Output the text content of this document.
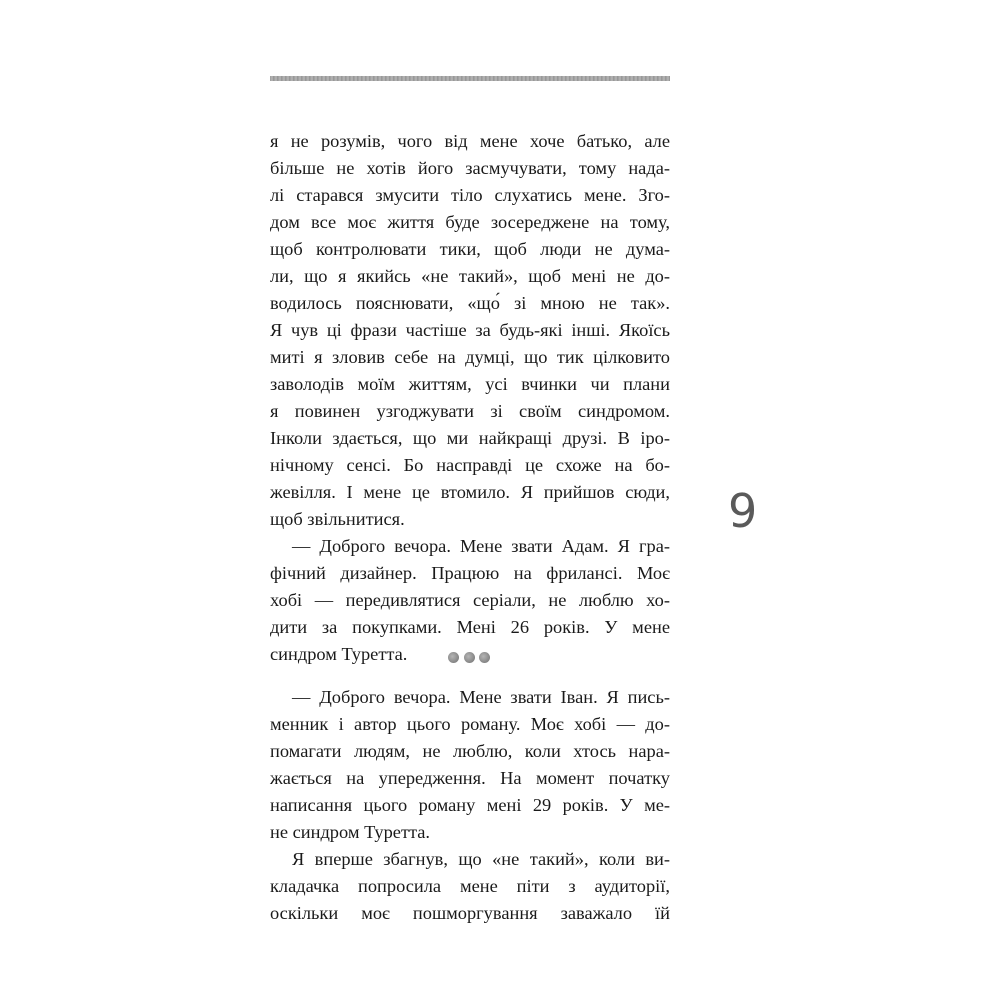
я не розумів, чого від мене хоче батько, але
більше не хотів його засмучувати, тому нада-
лі старався змусити тіло слухатись мене. Зго-
дом все моє життя буде зосереджене на тому,
щоб контролювати тики, щоб люди не дума-
ли, що я якийсь «не такий», щоб мені не до-
водилось пояснювати, «що́ зі мною не так».
Я чув ці фрази частіше за будь-які інші. Якоїсь
миті я зловив себе на думці, що тик цілковито
заволодів моїм життям, усі вчинки чи плани
я повинен узгоджувати зі своїм синдромом.
Інколи здається, що ми найкращі друзі. В іро-
нічному сенсі. Бо насправді це схоже на бо-
жевілля. І мене це втомило. Я прийшов сюди,
щоб звільнитися.
— Доброго вечора. Мене звати Адам. Я гра-
фічний дизайнер. Працюю на фрилансі. Моє
хобі — передивлятися серіали, не люблю хо-
дити за покупками. Мені 26 років. У мене
синдром Туретта.
9
— Доброго вечора. Мене звати Іван. Я пись-
менник і автор цього роману. Моє хобі — до-
помагати людям, не люблю, коли хтось нара-
жається на упередження. На момент початку
написання цього роману мені 29 років. У ме-
не синдром Туретта.
Я вперше збагнув, що «не такий», коли ви-
кладачка попросила мене піти з аудиторії,
оскільки моє пошморгування заважало їй
